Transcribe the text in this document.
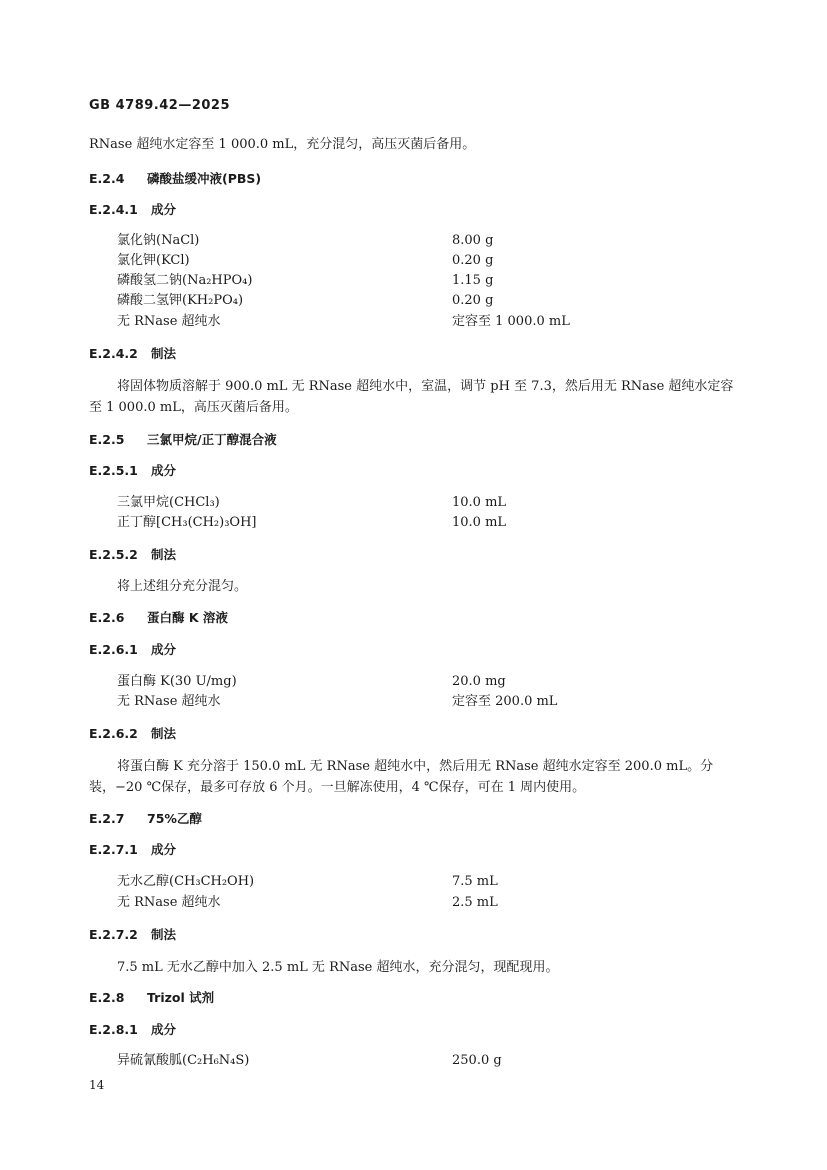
GB 4789.42—2025
RNase 超纯水定容至 1 000.0 mL，充分混匀，高压灭菌后备用。
E.2.4 磷酸盐缓冲液(PBS)
E.2.4.1 成分
氯化钠(NaCl)	8.00 g
氯化钾(KCl)	0.20 g
磷酸氢二钠(Na₂HPO₄)	1.15 g
磷酸二氢钾(KH₂PO₄)	0.20 g
无 RNase 超纯水	定容至 1 000.0 mL
E.2.4.2 制法
将固体物质溶解于 900.0 mL 无 RNase 超纯水中，室温，调节 pH 至 7.3，然后用无 RNase 超纯水定容至 1 000.0 mL，高压灭菌后备用。
E.2.5 三氯甲烷/正丁醇混合液
E.2.5.1 成分
三氯甲烷(CHCl₃)	10.0 mL
正丁醇[CH₃(CH₂)₃OH]	10.0 mL
E.2.5.2 制法
将上述组分充分混匀。
E.2.6 蛋白酶 K 溶液
E.2.6.1 成分
蛋白酶 K(30 U/mg)	20.0 mg
无 RNase 超纯水	定容至 200.0 mL
E.2.6.2 制法
将蛋白酶 K 充分溶于 150.0 mL 无 RNase 超纯水中，然后用无 RNase 超纯水定容至 200.0 mL。分装，−20 ℃保存，最多可存放 6 个月。一旦解冻使用，4 ℃保存，可在 1 周内使用。
E.2.7 75%乙醇
E.2.7.1 成分
无水乙醇(CH₃CH₂OH)	7.5 mL
无 RNase 超纯水	2.5 mL
E.2.7.2 制法
7.5 mL 无水乙醇中加入 2.5 mL 无 RNase 超纯水，充分混匀，现配现用。
E.2.8 Trizol 试剂
E.2.8.1 成分
异硫氰酸胍(C₂H₆N₄S)	250.0 g
14
